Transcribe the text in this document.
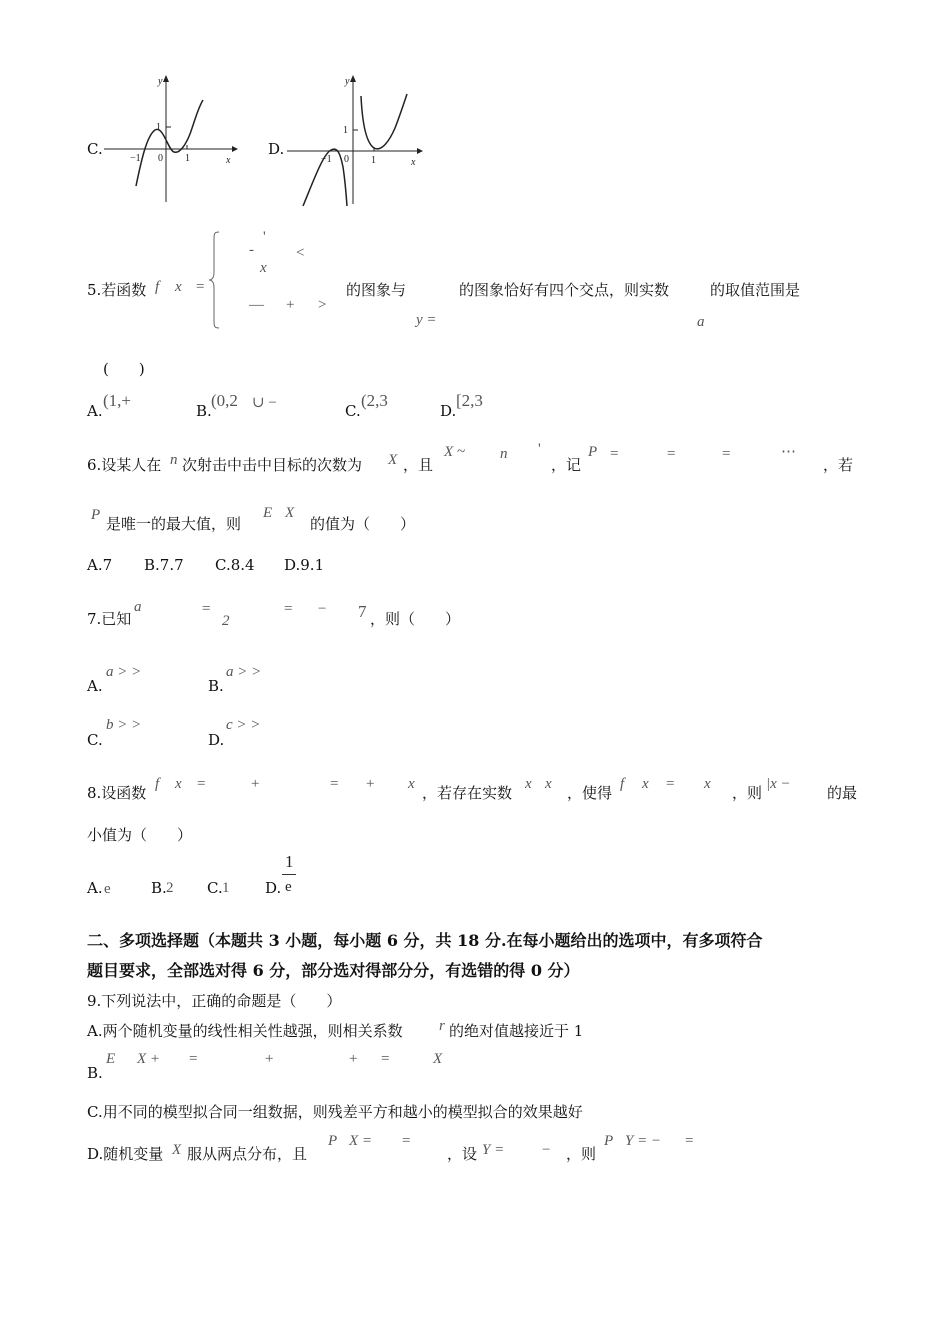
C.
y
x
1
−1 0 1
D.
y
x
1
−1 0 1
5.若函数 f x =
-
'
<
x
— + >
的图象与
y =
的图象恰好有四个交点，则实数
a
的取值范围是
(　　)
A.
(1,+
B.
(0,2 ∪ −	C.
(2,3
D.
[2,3
6.设某人在 n 次射击中击中目标的次数为 X ，且
X ~ n '
，记
P =	=	=	⋯
，若
P 是唯一的最大值，则
E X
的值为（　　）
A.7 B.7.7 C.8.4 D.9.1
7.已知
a	=
2
= − 7 ，则（　　）
A.
a > >
B.
a > >
C.
b > >
D.
c > >
8.设函数 f x =	+	= + x ，若存在实数 x x ，使得 f x = x ，则 |x − 的最
小值为（　　）
A. e	B. 2 C. 1 D.
1
e
二、多项选择题（本题共 3 小题，每小题 6 分，共 18 分.在每小题给出的选项中，有多项符合
题目要求，全部选对得 6 分，部分选对得部分分，有选错的得 0 分）
9.下列说法中，正确的命题是（　　）
A.两个随机变量的线性相关性越强，则相关系数 r 的绝对值越接近于 1
B.
E X + =	+	+ =	X
C.用不同的模型拟合同一组数据，则残差平方和越小的模型拟合的效果越好
D.随机变量 X 服从两点分布，且
P X = =
，设 Y =	− ，则
P Y = − =
